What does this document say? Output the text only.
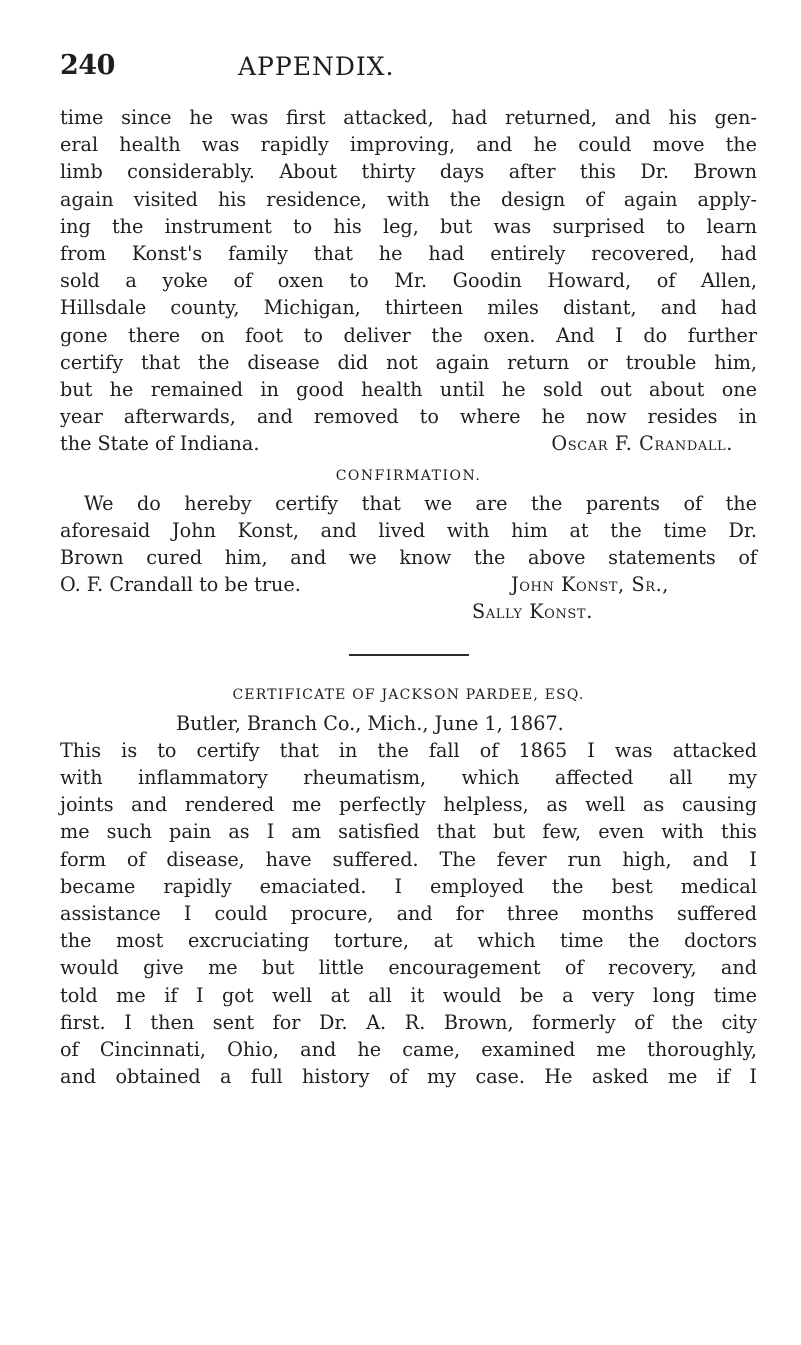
240	APPENDIX.
time since he was first attacked, had returned, and his gen-
eral health was rapidly improving, and he could move the
limb considerably. About thirty days after this Dr. Brown
again visited his residence, with the design of again apply-
ing the instrument to his leg, but was surprised to learn
from Konst's family that he had entirely recovered, had
sold a yoke of oxen to Mr. Goodin Howard, of Allen,
Hillsdale county, Michigan, thirteen miles distant, and had
gone there on foot to deliver the oxen. And I do further
certify that the disease did not again return or trouble him,
but he remained in good health until he sold out about one
year afterwards, and removed to where he now resides in
the State of Indiana.	Oscar F. Crandall.
CONFIRMATION.
We do hereby certify that we are the parents of the
aforesaid John Konst, and lived with him at the time Dr.
Brown cured him, and we know the above statements of
O. F. Crandall to be true.	John Konst, Sr.,
Sally Konst.
CERTIFICATE OF JACKSON PARDEE, ESQ.
Butler, Branch Co., Mich., June 1, 1867.
This is to certify that in the fall of 1865 I was attacked
with inflammatory rheumatism, which affected all my
joints and rendered me perfectly helpless, as well as causing
me such pain as I am satisfied that but few, even with this
form of disease, have suffered. The fever run high, and I
became rapidly emaciated. I employed the best medical
assistance I could procure, and for three months suffered
the most excruciating torture, at which time the doctors
would give me but little encouragement of recovery, and
told me if I got well at all it would be a very long time
first. I then sent for Dr. A. R. Brown, formerly of the city
of Cincinnati, Ohio, and he came, examined me thoroughly,
and obtained a full history of my case. He asked me if I
